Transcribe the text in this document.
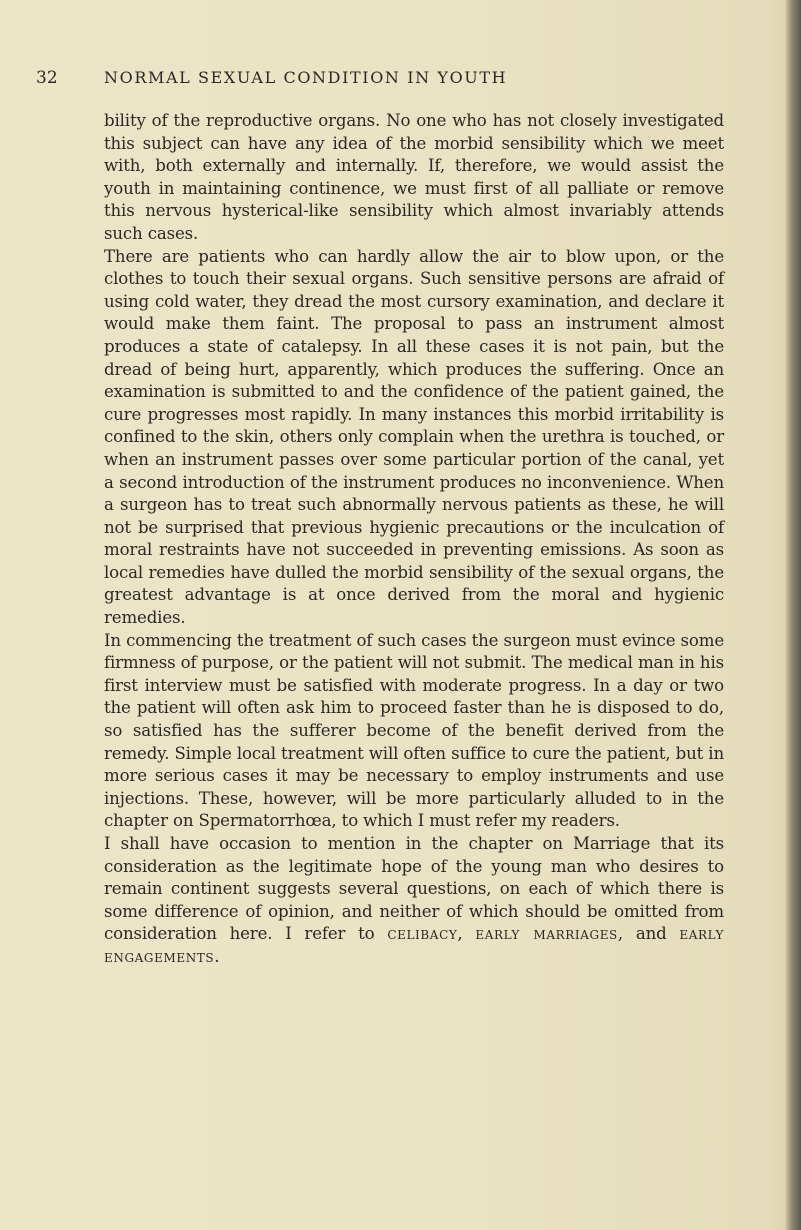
32	NORMAL SEXUAL CONDITION IN YOUTH

bility of the reproductive organs. No one who has not closely investigated this subject can have any idea of the morbid sensibility which we meet with, both externally and internally. If, therefore, we would assist the youth in maintaining continence, we must first of all palliate or remove this nervous hysterical-like sensibility which almost invariably attends such cases.

There are patients who can hardly allow the air to blow upon, or the clothes to touch their sexual organs. Such sensitive persons are afraid of using cold water, they dread the most cursory examination, and declare it would make them faint. The proposal to pass an instrument almost produces a state of catalepsy. In all these cases it is not pain, but the dread of being hurt, apparently, which produces the suffering. Once an examination is submitted to and the confidence of the patient gained, the cure progresses most rapidly. In many instances this morbid irritability is confined to the skin, others only complain when the urethra is touched, or when an instrument passes over some particular portion of the canal, yet a second introduction of the instrument produces no inconvenience. When a surgeon has to treat such abnormally nervous patients as these, he will not be surprised that previous hygienic precautions or the inculcation of moral restraints have not succeeded in preventing emissions. As soon as local remedies have dulled the morbid sensibility of the sexual organs, the greatest advantage is at once derived from the moral and hygienic remedies.

In commencing the treatment of such cases the surgeon must evince some firmness of purpose, or the patient will not submit. The medical man in his first interview must be satisfied with moderate progress. In a day or two the patient will often ask him to proceed faster than he is disposed to do, so satisfied has the sufferer become of the benefit derived from the remedy. Simple local treatment will often suffice to cure the patient, but in more serious cases it may be necessary to employ instruments and use injections. These, however, will be more particularly alluded to in the chapter on Spermatorrhœa, to which I must refer my readers.

I shall have occasion to mention in the chapter on Marriage that its consideration as the legitimate hope of the young man who desires to remain continent suggests several questions, on each of which there is some difference of opinion, and neither of which should be omitted from consideration here. I refer to celibacy, early marriages, and early engagements.
